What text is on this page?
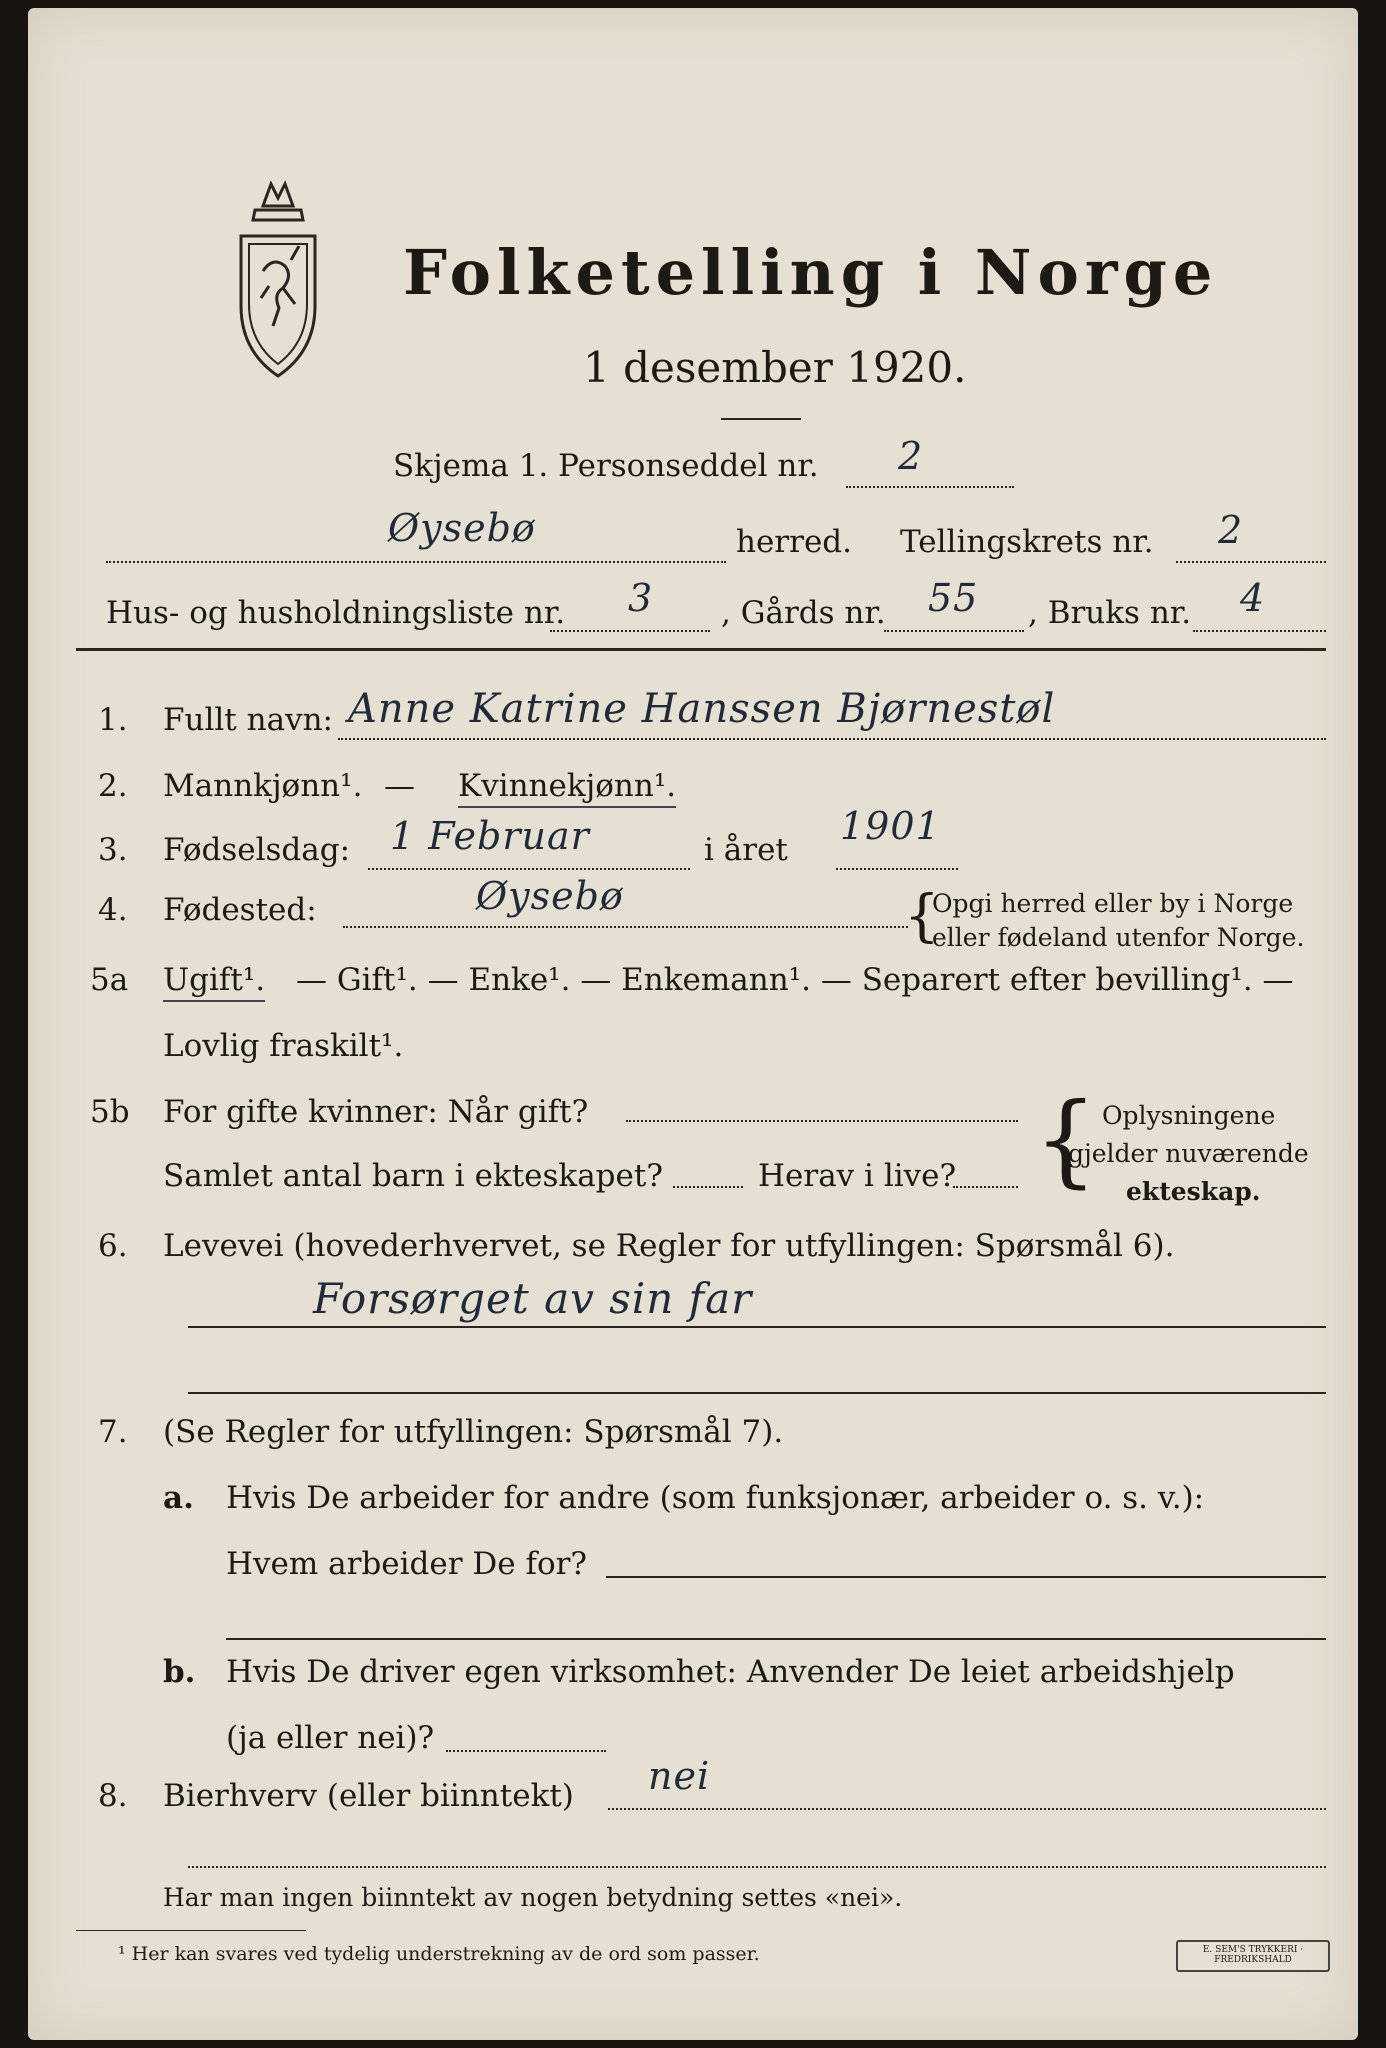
Folketelling i Norge
1 desember 1920.
Skjema 1. Personseddel nr. 2
Øysebø	herred. Tellingskrets nr. 2
Hus- og husholdningsliste nr. 3 , Gårds nr. 55 , Bruks nr. 4
1. Fullt navn: Anne Katrine Hanssen Bjørnestøl
2. Mannkjønn¹. — Kvinnekjønn¹.
3. Fødselsdag: 1 Februar	i året
1901
4. Fødested:	Øysebø	{
Opgi herred eller by i Norge
eller fødeland utenfor Norge.
5a Ugift¹. — Gift¹. — Enke¹. — Enkemann¹. — Separert efter bevilling¹. —
Lovlig fraskilt¹.
5b For gifte kvinner: Når gift?
Samlet antal barn i ekteskapet?	Herav i live? { Oplysningene
gjelder nuværende
ekteskap.
6. Levevei (hovederhvervet, se Regler for utfyllingen: Spørsmål 6).
Forsørget av sin far
7. (Se Regler for utfyllingen: Spørsmål 7).
a. Hvis De arbeider for andre (som funksjonær, arbeider o. s. v.):
Hvem arbeider De for?
b. Hvis De driver egen virksomhet: Anvender De leiet arbeidshjelp
(ja eller nei)?
8. Bierhverv (eller biinntekt) nei
Har man ingen biinntekt av nogen betydning settes «nei».
¹ Her kan svares ved tydelig understrekning av de ord som passer.	E. SEM'S TRYKKERI · FREDRIKSHALD
